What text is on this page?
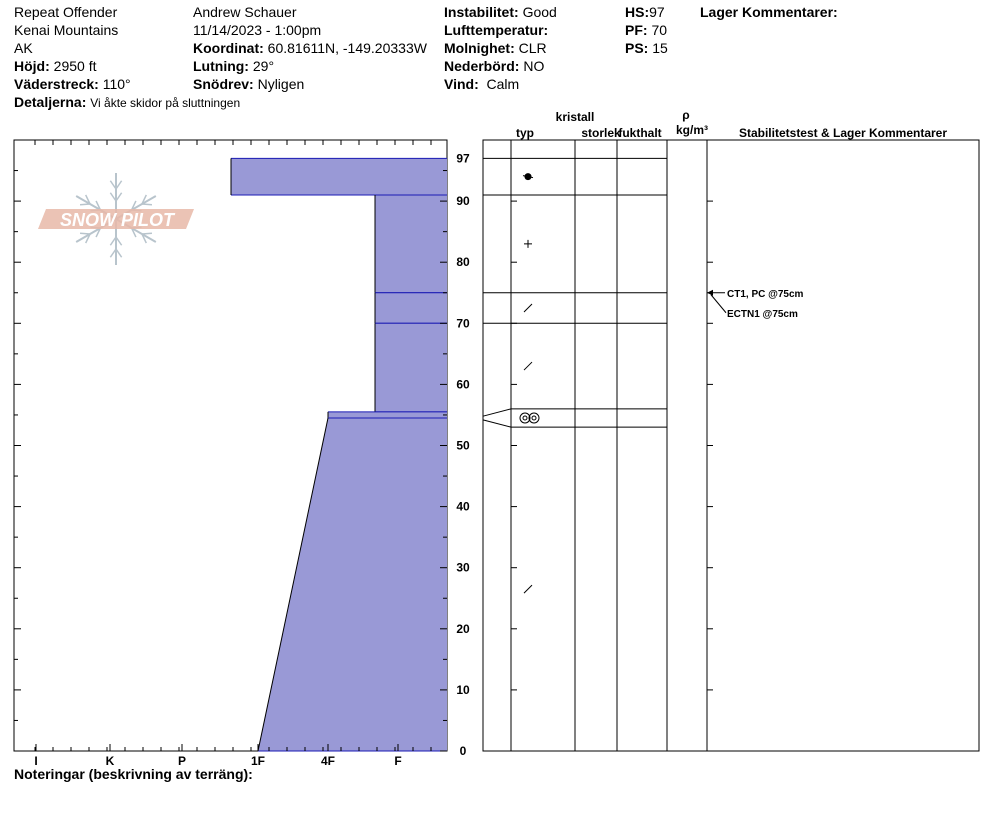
Repeat Offender
Kenai Mountains
AK
Höjd: 2950 ft
Väderstreck: 110°
Detaljerna: Vi åkte skidor på sluttningen
Andrew Schauer
11/14/2023 - 1:00pm
Koordinat: 60.81611N, -149.20333W
Lutning: 29°
Snödrev: Nyligen
Instabilitet: Good
Lufttemperatur:
Molnighet: CLR
Nederbörd: NO
Vind: Calm
HS:97
PF: 70
PS: 15
Lager Kommentarer:
Noteringar (beskrivning av terräng):
0
10
20
30
40
50
60
70
80
90
97
I	K	P	1F	4F	F
SNOW PILOT
kristall
typ	storlek
fukthalt
ρ
kg/m³	Stabilitetstest & Lager Kommentarer
CT1, PC @75cm
ECTN1 @75cm
